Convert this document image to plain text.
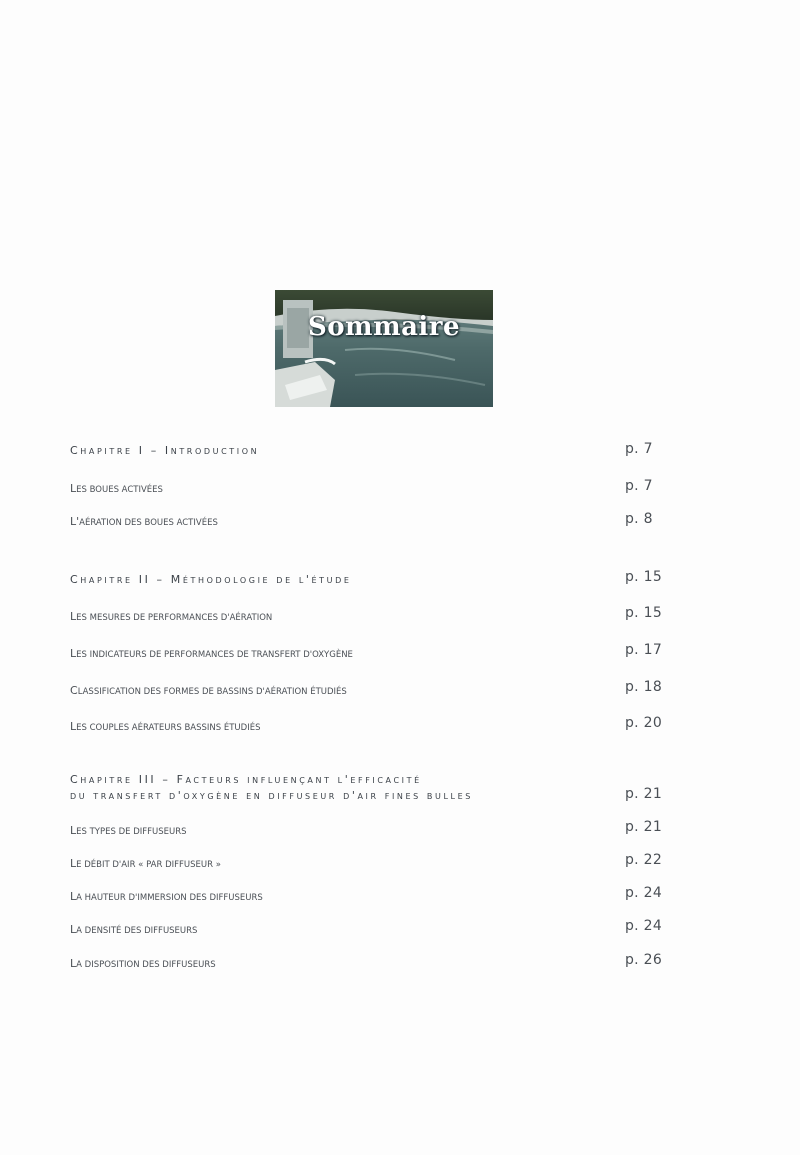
Sommaire
Chapitre I – Introduction	p. 7
LES BOUES ACTIVÉES	p. 7
L'AÉRATION DES BOUES ACTIVÉES	p. 8
Chapitre II – Méthodologie de l'étude	p. 15
LES MESURES DE PERFORMANCES D'AÉRATION	p. 15
LES INDICATEURS DE PERFORMANCES DE TRANSFERT D'OXYGÈNE	p. 17
CLASSIFICATION DES FORMES DE BASSINS D'AÉRATION ÉTUDIÉS	p. 18
LES COUPLES AÉRATEURS BASSINS ÉTUDIÉS	p. 20
Chapitre III – Facteurs influençant l'efficacité
du transfert d'oxygène en diffuseur d'air fines bulles	p. 21
LES TYPES DE DIFFUSEURS	p. 21
LE DÉBIT D'AIR « PAR DIFFUSEUR »	p. 22
LA HAUTEUR D'IMMERSION DES DIFFUSEURS	p. 24
LA DENSITÉ DES DIFFUSEURS	p. 24
LA DISPOSITION DES DIFFUSEURS	p. 26
